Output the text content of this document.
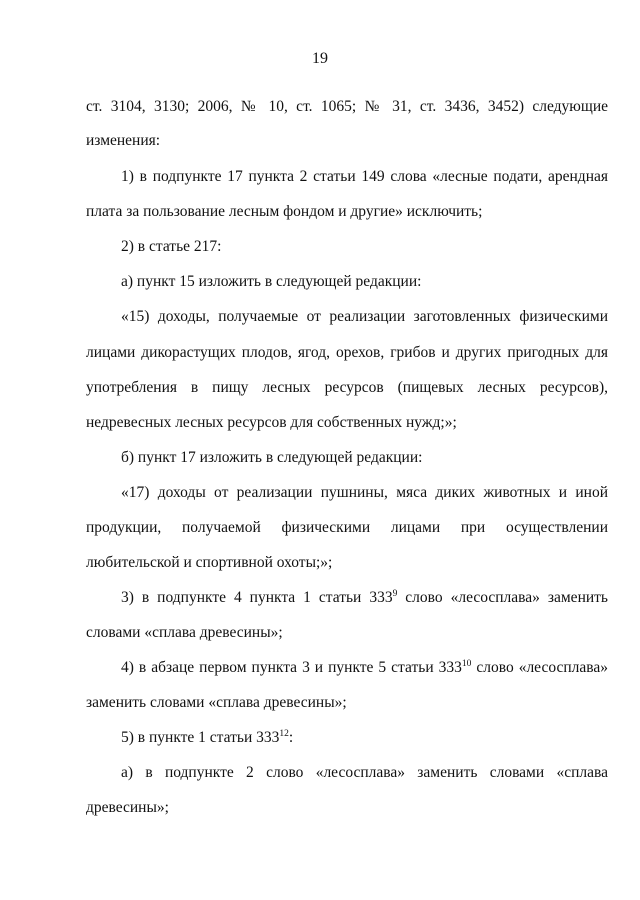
19
ст. 3104, 3130; 2006, № 10, ст. 1065; № 31, ст. 3436, 3452) следующие
изменения:
1) в подпункте 17 пункта 2 статьи 149 слова «лесные подати, арендная
плата за пользование лесным фондом и другие» исключить;
2) в статье 217:
а) пункт 15 изложить в следующей редакции:
«15) доходы, получаемые от реализации заготовленных физическими
лицами дикорастущих плодов, ягод, орехов, грибов и других пригодных для
употребления в пищу лесных ресурсов (пищевых лесных ресурсов),
недревесных лесных ресурсов для собственных нужд;»;
б) пункт 17 изложить в следующей редакции:
«17) доходы от реализации пушнины, мяса диких животных и иной
продукции, получаемой физическими лицами при осуществлении
любительской и спортивной охоты;»;
3) в подпункте 4 пункта 1 статьи $333^9$ слово «лесосплава» заменить
словами «сплава древесины»;
4) в абзаце первом пункта 3 и пункте 5 статьи $333^{10}$ слово «лесосплава»
заменить словами «сплава древесины»;
5) в пункте 1 статьи $333^{12}$:
а) в подпункте 2 слово «лесосплава» заменить словами «сплава
древесины»;
